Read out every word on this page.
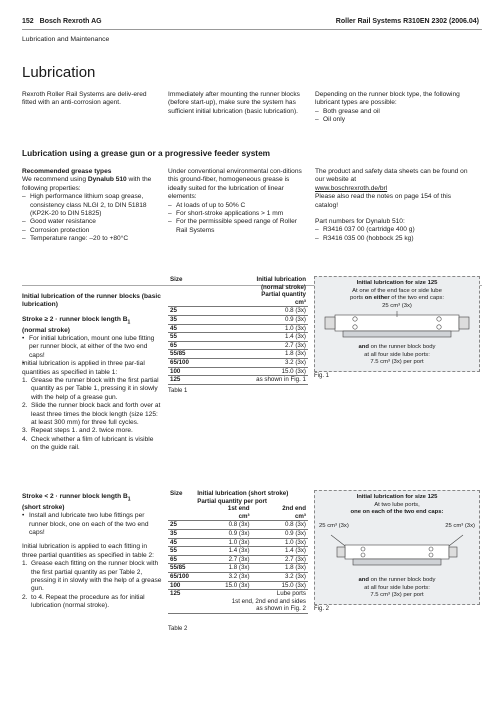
152 Bosch Rexroth AG	Roller Rail Systems R310EN 2302 (2006.04)
Lubrication and Maintenance
Lubrication
Rexroth Roller Rail Systems are deliv-ered fitted with an anti-corrosion agent.
Immediately after mounting the runner blocks (before start-up), make sure the system has sufficient initial lubrication (basic lubrication).
Depending on the runner block type, the following lubricant types are possible:
– Both grease and oil
– Oil only
Lubrication using a grease gun or a progressive feeder system
Recommended grease types
We recommend using Dynalub 510 with the following properties:
– High performance lithium soap grease, consistency class NLGI 2, to DIN 51818 (KP2K-20 to DIN 51825)
– Good water resistance
– Corrosion protection
– Temperature range: –20 to +80°C
Under conventional environmental con-ditions this ground-fiber, homogeneous grease is ideally suited for the lubrication of linear elements:
– At loads of up to 50% C
– For short-stroke applications > 1 mm
– For the permissible speed range of Roller Rail Systems
The product and safety data sheets can be found on our website at
www.boschrexroth.de/brl
Please also read the notes on page 154 of this catalog!
Part numbers for Dynalub 510:
– R3416 037 00 (cartridge 400 g)
– R3416 035 00 (hobbock 25 kg)
Initial lubrication of the runner blocks (basic lubrication)
Stroke ≥ 2 · runner block length $B_1$
(normal stroke)
• For initial lubrication, mount one lube fitting per runner block, at either of the two end caps!
Initial lubrication is applied in three par-tial quantities as specified in table 1:
1. Grease the runner block with the first partial quantity as per Table 1, pressing it in slowly with the help of a grease gun.
2. Slide the runner block back and forth over at least three times the block length (size 125: at least 300 mm) for three full cycles.
3. Repeat steps 1. and 2. twice more.
4. Check whether a film of lubricant is visible on the guide rail.
Size	Initial lubrication
	(normal stroke)
	Partial quantity
	cm³
25	0.8 (3x)
35	0.9 (3x)
45	1.0 (3x)
55	1.4 (3x)
65	2.7 (3x)
55/85	1.8 (3x)
65/100	3.2 (3x)
100	15.0 (3x)
125	as shown in Fig. 1
Table 1
Initial lubrication for size 125
At one of the end face or side lube
ports on either of the two end caps:
25 cm³ (3x)
and on the runner block body
at all four side lube ports:
7.5 cm³ (3x) per port
Fig. 1
Stroke < 2 · runner block length $B_1$
(short stroke)
• Install and lubricate two lube fittings per runner block, one on each of the two end caps!
Initial lubrication is applied to each fitting in three partial quantities as specified in table 2:
1. Grease each fitting on the runner block with the first partial quantity as per Table 2, pressing it in slowly with the help of a grease gun.
2. to 4. Repeat the procedure as for initial lubrication (normal stroke).
Size	Initial lubrication (short stroke)	
	Partial quantity per port	
	1st end	2nd end
	cm³	cm³
25	0.8 (3x)	0.8 (3x)
35	0.9 (3x)	0.9 (3x)
45	1.0 (3x)	1.0 (3x)
55	1.4 (3x)	1.4 (3x)
65	2.7 (3x)	2.7 (3x)
55/85	1.8 (3x)	1.8 (3x)
65/100	3.2 (3x)	3.2 (3x)
100	15.0 (3x)	15.0 (3x)
125	Lube ports	
	1st end, 2nd end and sides	
	as shown in Fig. 2	
Table 2
Initial lubrication for size 125
At two lube ports,
one on each of the two end caps:
25 cm³ (3x)	25 cm³ (3x)
and on the runner block body
at all four side lube ports:
7.5 cm³ (3x) per port
Fig. 2
